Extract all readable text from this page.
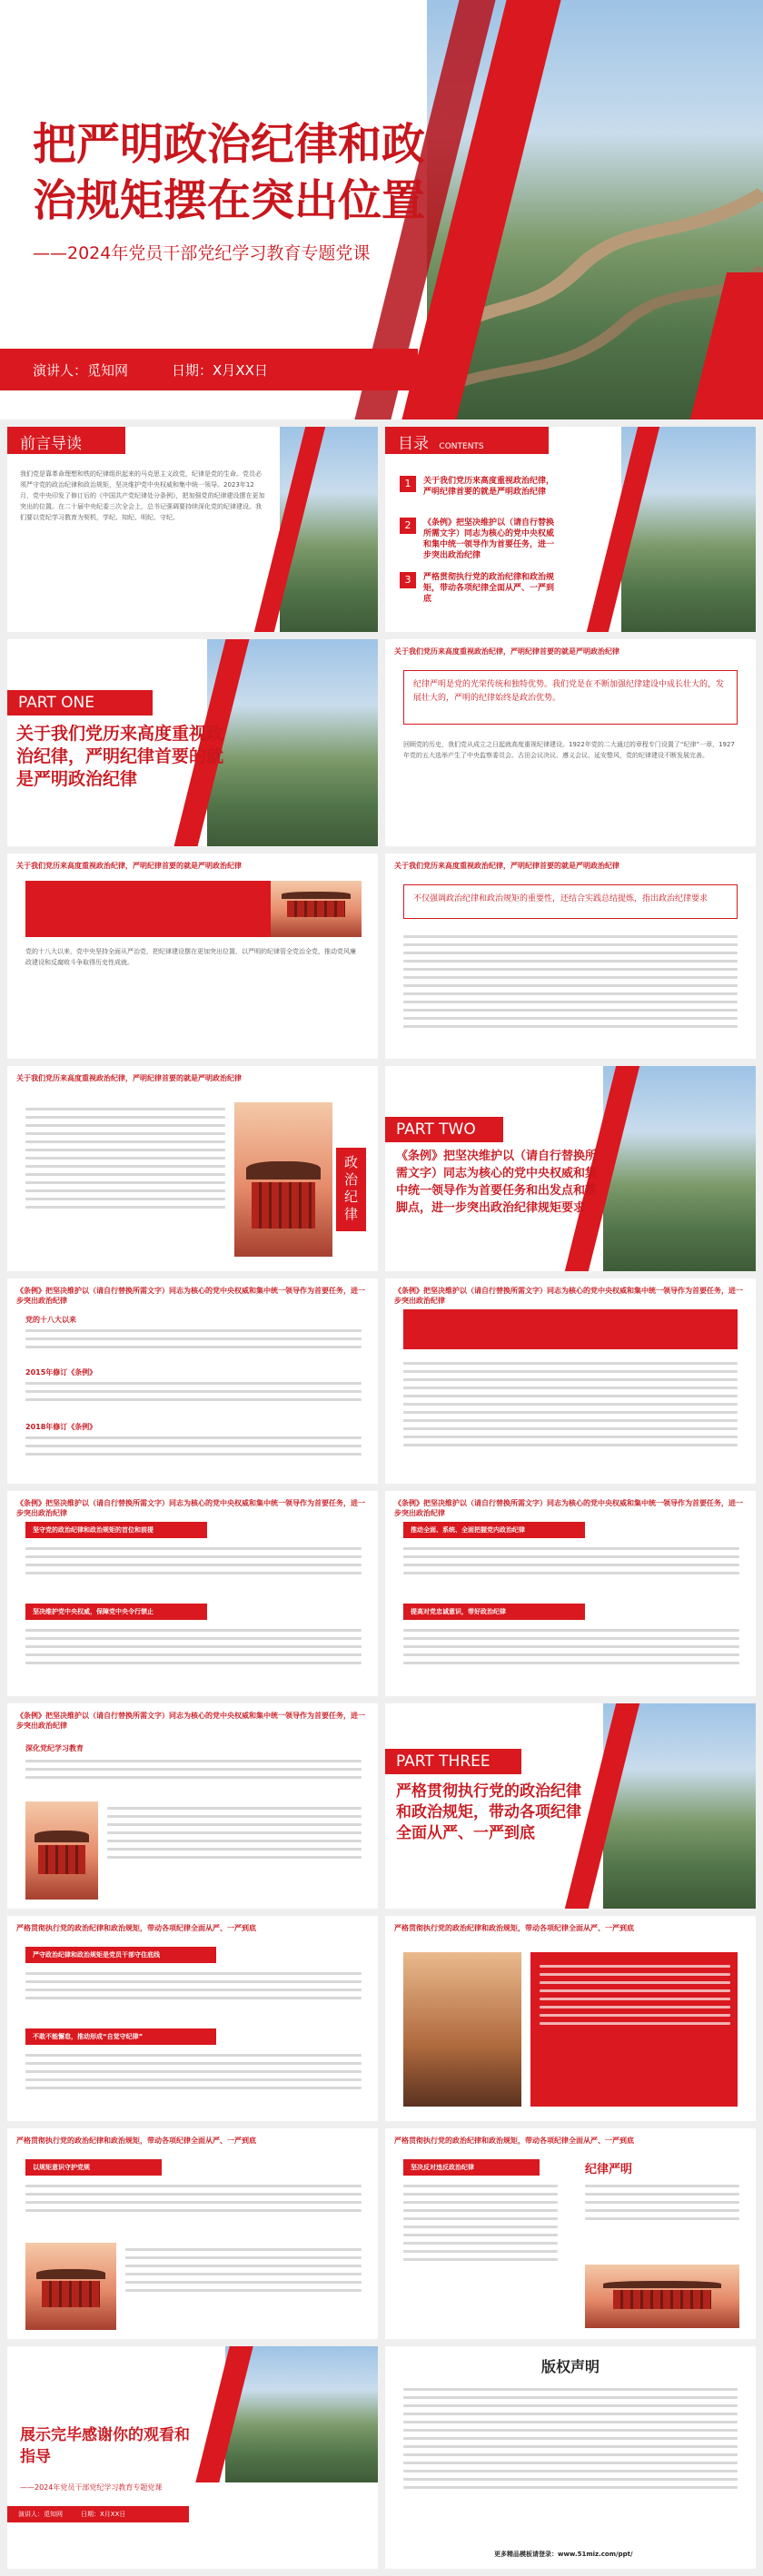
把严明政治纪律和政治规矩摆在突出位置
——2024年党员干部党纪学习教育专题党课
演讲人：觅知网	日期：X月XX日
前言导读
我们党是靠革命理想和铁的纪律组织起来的马克思主义政党，纪律是党的生命。党员必须严守党的政治纪律和政治规矩，坚决维护党中央权威和集中统一领导。2023年12月，党中央印发了修订后的《中国共产党纪律处分条例》，把加强党的纪律建设摆在更加突出的位置。在二十届中央纪委三次全会上，总书记强调要持续深化党的纪律建设。我们要以党纪学习教育为契机，学纪、知纪、明纪、守纪。
目录 CONTENTS
1	关于我们党历来高度重视政治纪律，严明纪律首要的就是严明政治纪律
2	《条例》把坚决维护以（请自行替换所需文字）同志为核心的党中央权威和集中统一领导作为首要任务，进一步突出政治纪律
3	严格贯彻执行党的政治纪律和政治规矩，带动各项纪律全面从严、一严到底
PART ONE
关于我们党历来高度重视政治纪律，严明纪律首要的就是严明政治纪律
关于我们党历来高度重视政治纪律，严明纪律首要的就是严明政治纪律
纪律严明是党的光荣传统和独特优势。我们党是在不断加强纪律建设中成长壮大的，发展壮大的，严明的纪律始终是政治优势。
回顾党的历史，我们党从成立之日起就高度重视纪律建设。1922年党的二大通过的章程专门设置了“纪律”一章，1927年党的五大选举产生了中央监察委员会。古田会议决议、遵义会议、延安整风，党的纪律建设不断发展完善。
关于我们党历来高度重视政治纪律，严明纪律首要的就是严明政治纪律
党的十八大以来，党中央坚持全面从严治党，把纪律建设摆在更加突出位置，以严明的纪律管全党治全党，推动党风廉政建设和反腐败斗争取得历史性成就。
关于我们党历来高度重视政治纪律，严明纪律首要的就是严明政治纪律
不仅强调政治纪律和政治规矩的重要性，还结合实践总结提炼，指出政治纪律要求
关于我们党历来高度重视政治纪律，严明纪律首要的就是严明政治纪律
政治纪律
PART TWO
《条例》把坚决维护以（请自行替换所需文字）同志为核心的党中央权威和集中统一领导作为首要任务和出发点和落脚点，进一步突出政治纪律规矩要求
《条例》把坚决维护以（请自行替换所需文字）同志为核心的党中央权威和集中统一领导作为首要任务，进一步突出政治纪律
党的十八大以来
2015年修订《条例》
2018年修订《条例》
《条例》把坚决维护以（请自行替换所需文字）同志为核心的党中央权威和集中统一领导作为首要任务，进一步突出政治纪律
《条例》把坚决维护以（请自行替换所需文字）同志为核心的党中央权威和集中统一领导作为首要任务，进一步突出政治纪律
坚守党的政治纪律和政治规矩的首位和前提
坚决维护党中央权威，保障党中央令行禁止
《条例》把坚决维护以（请自行替换所需文字）同志为核心的党中央权威和集中统一领导作为首要任务，进一步突出政治纪律
推动全面、系统、全面把握党内政治纪律
提高对党忠诚意识，带好政治纪律
《条例》把坚决维护以（请自行替换所需文字）同志为核心的党中央权威和集中统一领导作为首要任务，进一步突出政治纪律
深化党纪学习教育
PART THREE
严格贯彻执行党的政治纪律和政治规矩，带动各项纪律全面从严、一严到底
严格贯彻执行党的政治纪律和政治规矩，带动各项纪律全面从严、一严到底
严守政治纪律和政治规矩是党员干部守住底线
不敢不能懈怠，推动形成“自觉守纪律”
严格贯彻执行党的政治纪律和政治规矩，带动各项纪律全面从严、一严到底
严格贯彻执行党的政治纪律和政治规矩，带动各项纪律全面从严、一严到底
以规矩意识守护党规
严格贯彻执行党的政治纪律和政治规矩，带动各项纪律全面从严、一严到底
坚决反对违反政治纪律	纪律严明
展示完毕感谢你的观看和指导
——2024年党员干部党纪学习教育专题党课
演讲人：觅知网	日期：X月XX日
版权声明
更多精品模板请登录：www.51miz.com/ppt/
